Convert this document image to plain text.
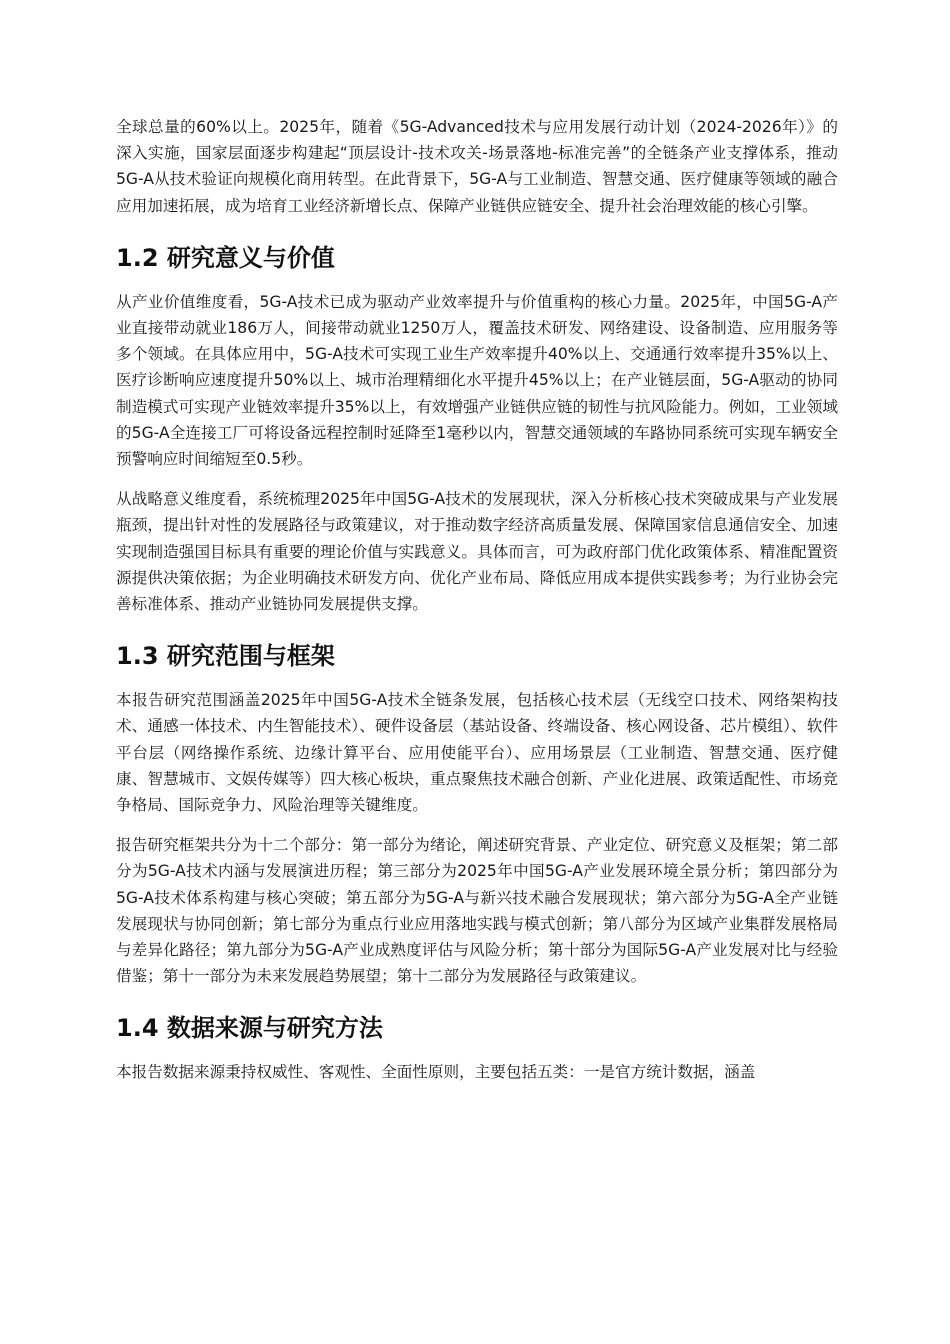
全球总量的60%以上。2025年，随着《5G-Advanced技术与应用发展行动计划（2024-2026年）》的深入实施，国家层面逐步构建起“顶层设计-技术攻关-场景落地-标准完善”的全链条产业支撑体系，推动5G-A从技术验证向规模化商用转型。在此背景下，5G-A与工业制造、智慧交通、医疗健康等领域的融合应用加速拓展，成为培育工业经济新增长点、保障产业链供应链安全、提升社会治理效能的核心引擎。

1.2 研究意义与价值

从产业价值维度看，5G-A技术已成为驱动产业效率提升与价值重构的核心力量。2025年，中国5G-A产业直接带动就业186万人，间接带动就业1250万人，覆盖技术研发、网络建设、设备制造、应用服务等多个领域。在具体应用中，5G-A技术可实现工业生产效率提升40%以上、交通通行效率提升35%以上、医疗诊断响应速度提升50%以上、城市治理精细化水平提升45%以上；在产业链层面，5G-A驱动的协同制造模式可实现产业链效率提升35%以上，有效增强产业链供应链的韧性与抗风险能力。例如，工业领域的5G-A全连接工厂可将设备远程控制时延降至1毫秒以内，智慧交通领域的车路协同系统可实现车辆安全预警响应时间缩短至0.5秒。

从战略意义维度看，系统梳理2025年中国5G-A技术的发展现状，深入分析核心技术突破成果与产业发展瓶颈，提出针对性的发展路径与政策建议，对于推动数字经济高质量发展、保障国家信息通信安全、加速实现制造强国目标具有重要的理论价值与实践意义。具体而言，可为政府部门优化政策体系、精准配置资源提供决策依据；为企业明确技术研发方向、优化产业布局、降低应用成本提供实践参考；为行业协会完善标准体系、推动产业链协同发展提供支撑。

1.3 研究范围与框架

本报告研究范围涵盖2025年中国5G-A技术全链条发展，包括核心技术层（无线空口技术、网络架构技术、通感一体技术、内生智能技术）、硬件设备层（基站设备、终端设备、核心网设备、芯片模组）、软件平台层（网络操作系统、边缘计算平台、应用使能平台）、应用场景层（工业制造、智慧交通、医疗健康、智慧城市、文娱传媒等）四大核心板块，重点聚焦技术融合创新、产业化进展、政策适配性、市场竞争格局、国际竞争力、风险治理等关键维度。

报告研究框架共分为十二个部分：第一部分为绪论，阐述研究背景、产业定位、研究意义及框架；第二部分为5G-A技术内涵与发展演进历程；第三部分为2025年中国5G-A产业发展环境全景分析；第四部分为5G-A技术体系构建与核心突破；第五部分为5G-A与新兴技术融合发展现状；第六部分为5G-A全产业链发展现状与协同创新；第七部分为重点行业应用落地实践与模式创新；第八部分为区域产业集群发展格局与差异化路径；第九部分为5G-A产业成熟度评估与风险分析；第十部分为国际5G-A产业发展对比与经验借鉴；第十一部分为未来发展趋势展望；第十二部分为发展路径与政策建议。

1.4 数据来源与研究方法

本报告数据来源秉持权威性、客观性、全面性原则，主要包括五类：一是官方统计数据，涵盖
